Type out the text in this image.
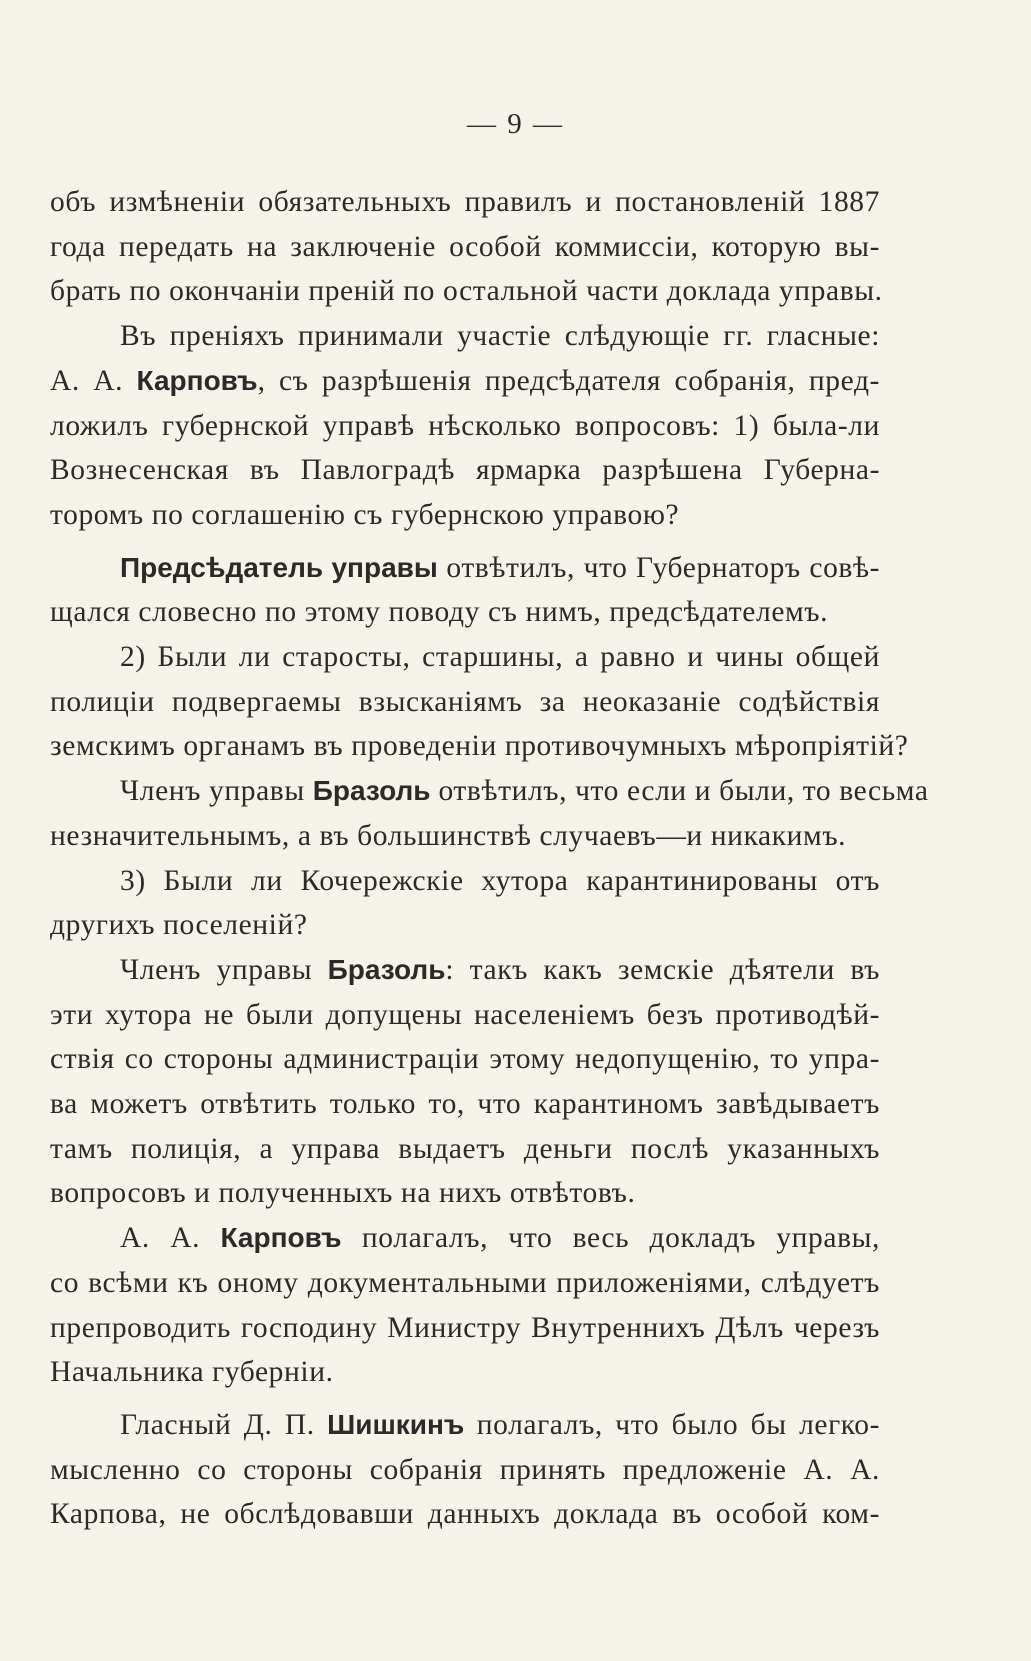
— 9 —
объ измѣненіи обязательныхъ правилъ и постановленій 1887
года передать на заключеніе особой коммиссіи, которую вы-
брать по окончаніи преній по остальной части доклада управы.
Въ преніяхъ принимали участіе слѣдующіе гг. гласные:
А. А. Карповъ, съ разрѣшенія предсѣдателя собранія, пред-
ложилъ губернской управѣ нѣсколько вопросовъ: 1) была-ли
Вознесенская въ Павлоградѣ ярмарка разрѣшена Губерна-
торомъ по соглашенію съ губернскою управою?
Предсѣдатель управы отвѣтилъ, что Губернаторъ совѣ-
щался словесно по этому поводу съ нимъ, предсѣдателемъ.
2) Были ли старосты, старшины, а равно и чины общей
полиціи подвергаемы взысканіямъ за неоказаніе содѣйствія
земскимъ органамъ въ проведеніи противочумныхъ мѣропріятій?
Членъ управы Бразоль отвѣтилъ, что если и были, то весьма
незначительнымъ, а въ большинствѣ случаевъ—и никакимъ.
3) Были ли Кочережскіе хутора карантинированы отъ
другихъ поселеній?
Членъ управы Бразоль: такъ какъ земскіе дѣятели въ
эти хутора не были допущены населеніемъ безъ противодѣй-
ствія со стороны администраціи этому недопущенію, то упра-
ва можетъ отвѣтить только то, что карантиномъ завѣдываетъ
тамъ полиція, а управа выдаетъ деньги послѣ указанныхъ
вопросовъ и полученныхъ на нихъ отвѣтовъ.
А. А. Карповъ полагалъ, что весь докладъ управы,
со всѣми къ оному документальными приложеніями, слѣдуетъ
препроводить господину Министру Внутреннихъ Дѣлъ черезъ
Начальника губерніи.
Гласный Д. П. Шишкинъ полагалъ, что было бы легко-
мысленно со стороны собранія принять предложеніе А. А.
Карпова, не обслѣдовавши данныхъ доклада въ особой ком-
